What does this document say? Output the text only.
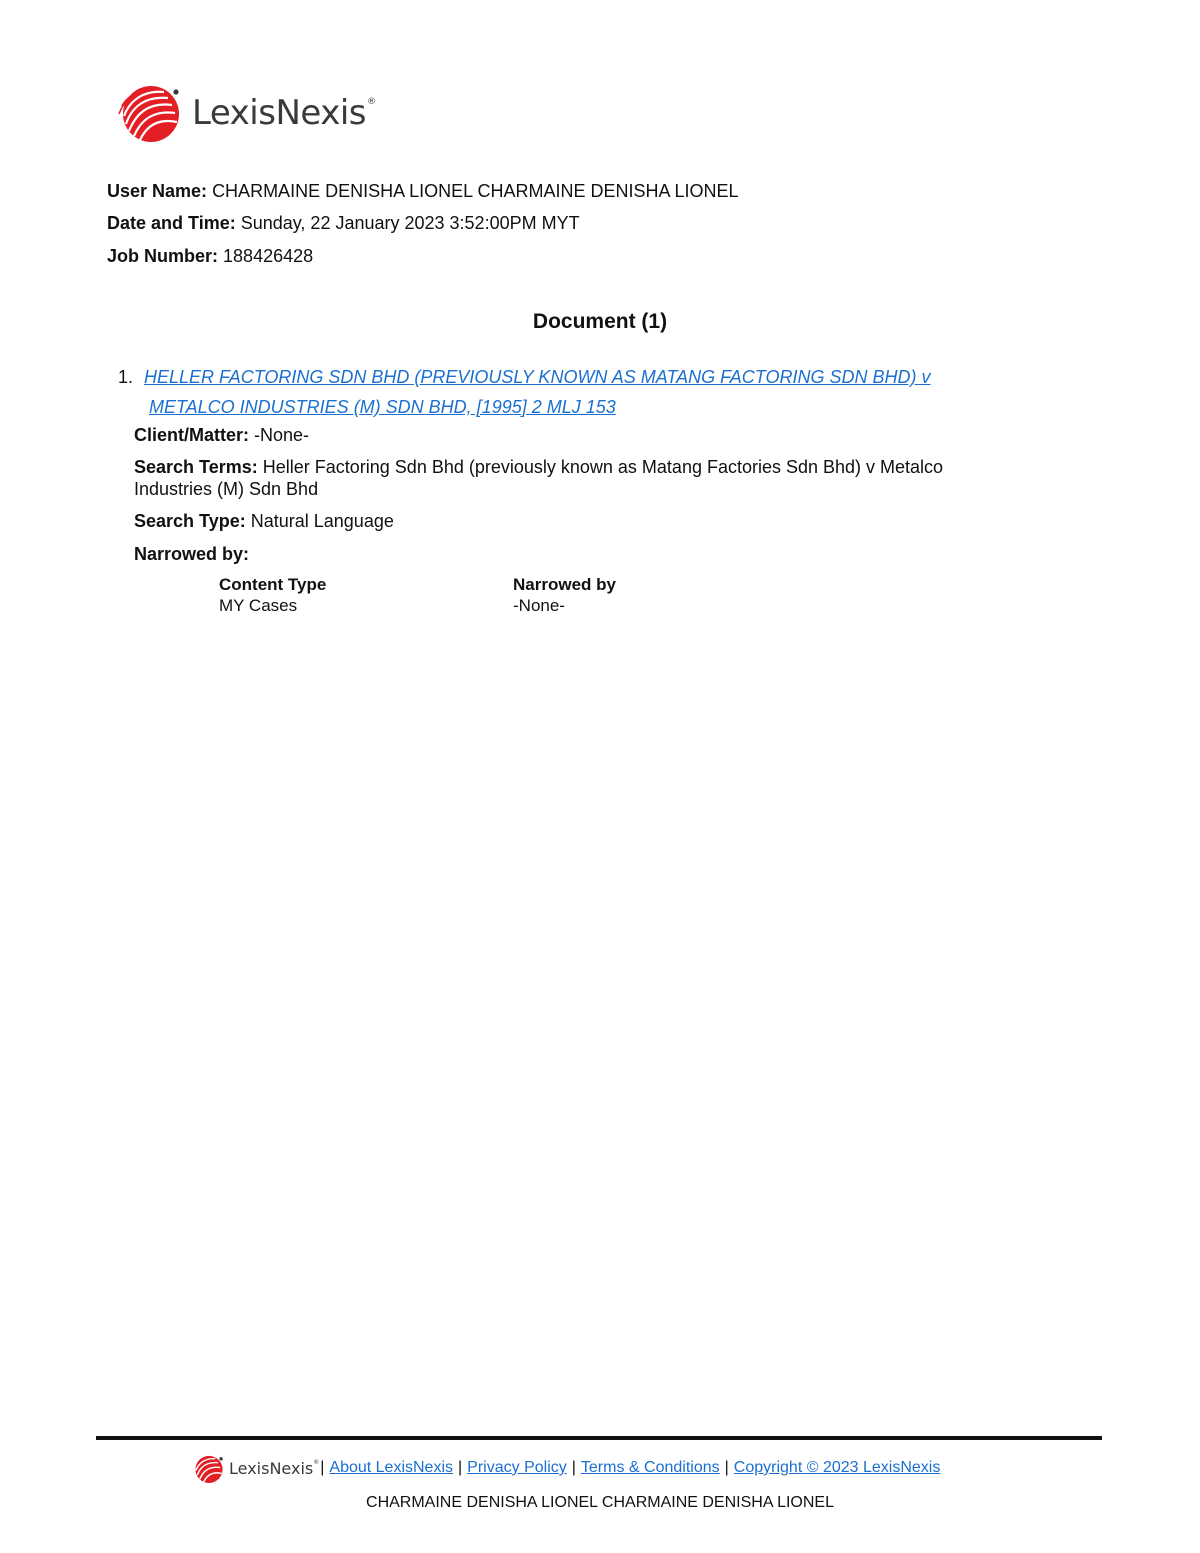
LexisNexis®
User Name: CHARMAINE DENISHA LIONEL CHARMAINE DENISHA LIONEL
Date and Time: Sunday, 22 January 2023 3:52:00PM MYT
Job Number: 188426428
Document (1)
1. HELLER FACTORING SDN BHD (PREVIOUSLY KNOWN AS MATANG FACTORING SDN BHD) v
METALCO INDUSTRIES (M) SDN BHD, [1995] 2 MLJ 153
Client/Matter: -None-
Search Terms: Heller Factoring Sdn Bhd (previously known as Matang Factories Sdn Bhd) v Metalco Industries (M) Sdn Bhd
Search Type: Natural Language
Narrowed by:
Content Type
MY Cases
Narrowed by
-None-
LexisNexis® | About LexisNexis | Privacy Policy | Terms & Conditions | Copyright © 2023 LexisNexis
CHARMAINE DENISHA LIONEL CHARMAINE DENISHA LIONEL
